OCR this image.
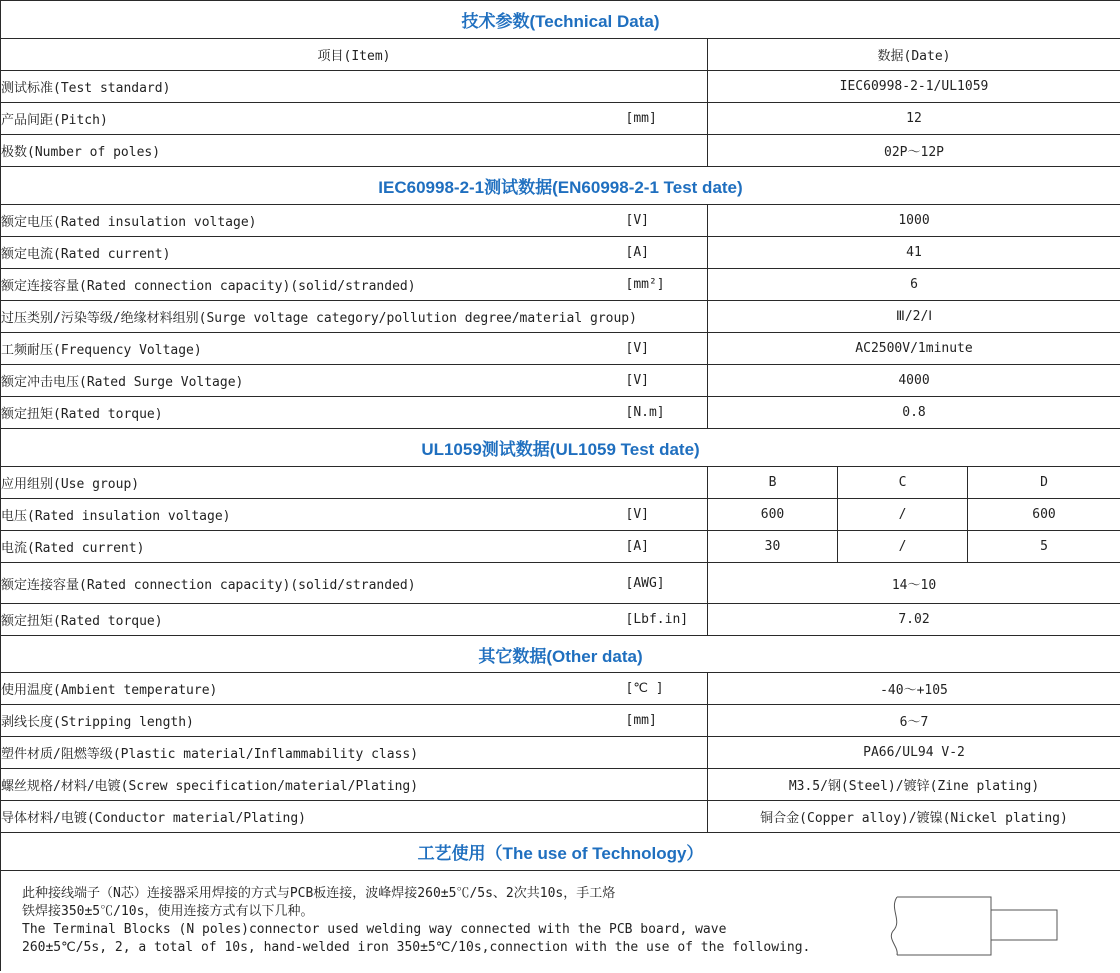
技术参数(Technical Data)				
项目(Item)		数据(Date)		
测试标准(Test standard)		IEC60998-2-1/UL1059		
产品间距(Pitch)	[mm]	12		
极数(Number of poles)		02P～12P		
IEC60998-2-1测试数据(EN60998-2-1 Test date)				
额定电压(Rated insulation voltage)	[V]	1000		
额定电流(Rated current)	[A]	41		
额定连接容量(Rated connection capacity)(solid/stranded)	[mm²]	6		
过压类别/污染等级/绝缘材料组别(Surge voltage category/pollution degree/material group)		Ⅲ/2/Ⅰ		
工频耐压(Frequency Voltage)	[V]	AC2500V/1minute		
额定冲击电压(Rated Surge Voltage)	[V]	4000		
额定扭矩(Rated torque)	[N.m]	0.8		
UL1059测试数据(UL1059 Test date)				
应用组别(Use group)		B	C	D
电压(Rated insulation voltage)	[V]	600	/	600
电流(Rated current)	[A]	30	/	5
额定连接容量(Rated connection capacity)(solid/stranded)	[AWG]	14～10		
额定扭矩(Rated torque)	[Lbf.in]	7.02		
其它数据(Other data)				
使用温度(Ambient temperature)	[℃ ]	-40～+105		
剥线长度(Stripping length)	[mm]	6～7		
塑件材质/阻燃等级(Plastic material/Inflammability class)		PA66/UL94 V-2		
螺丝规格/材料/电镀(Screw specification/material/Plating)		M3.5/钢(Steel)/镀锌(Zine plating)		
导体材料/电镀(Conductor material/Plating)		铜合金(Copper alloy)/镀镍(Nickel plating)		
工艺使用（The use of Technology）				

此种接线端子（N芯）连接器采用焊接的方式与PCB板连接，波峰焊接260±5℃/5s、2次共10s，手工烙

铁焊接350±5℃/10s，使用连接方式有以下几种。

The Terminal Blocks (N poles)connector used welding way connected with the PCB board, wave

260±5℃/5s, 2, a total of 10s, hand-welded iron 350±5℃/10s,connection with the use of the following.				
